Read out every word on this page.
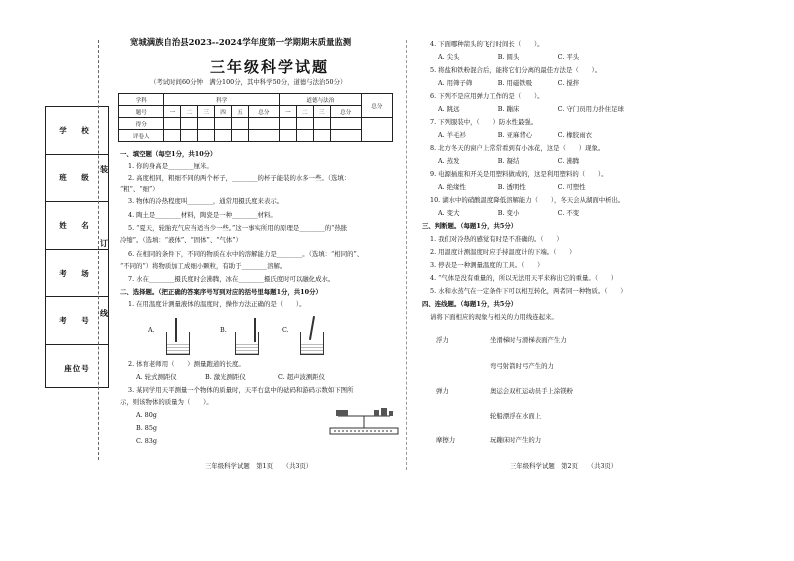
学 校
班 级
姓 名
考 场
考 号
座位号
装
订
线
宽城满族自治县2023--2024学年度第一学期期末质量监测
三年级科学试题
（考试时间60分钟　满分100分，其中科学50分，道德与法治50分）
学科	科学						道德与法治				总分
题号	一	二	三	四	五	总分	一	二	三	总分	
得分											
评卷人											
一、填空题（每空1分，共10分）
1. 你的身高是________厘米。
2. 高度相同，粗细不同的两个杯子，________的杯子能装的水多一些。（选填：
“粗”、“细”）
3. 物体的冷热程度叫________，通常用摄氏度来表示。
4. 陶土是________材料，陶瓷是一种________材料。
5. “夏天，轮胎充气应当适当少一些。”这一事实所用的原理是________的“热胀
冷缩”。（选填：“液体”、“固体”、“气体”）
6. 在相同的条件下，不同的物质在水中的溶解能力是________。（选填：“相同的”、
“不同的”）将物质加工成细小颗粒，有助于________溶解。
7. 水在________摄氏度时会沸腾，冰在________摄氏度时可以融化成水。
二、选择题。（把正确的答案序号写到对应的括号里每题1分，共10分）
1. 在用温度计测量液体的温度时，操作方法正确的是（　　）。
A.	B.	C.
2. 体育老师用（　　）测量跑道的长度。
A. 轮式测距仪	B. 激光测距仪	C. 超声波测距仪
3. 某同学用天平测量一个物体的质量时，天平右盘中的砝码和游码示数如下图所
示，则该物体的质量为（　　）。
A. 80g
B. 85g
C. 83g
三年级科学试题　第1页　　（共3页）
4. 下面哪种箭头的飞行时间长（　　）。
A. 尖头　　　　　　B. 圆头　　　　　　C. 平头
5. 将盐和铁粉混合后，能将它们分离的最佳方法是（　　）。
A. 用筛子筛　　　　B. 用磁铁吸　　　　C. 搅拌
6. 下列不是应用弹力工作的是（　　）。
A. 跳远　　　　　　B. 蹦床　　　　　　C. 守门员用力扑住足球
7. 下列服装中，（　　）防水性最强。
A. 羊毛衫　　　　　B. 亚麻背心　　　　C. 橡胶雨衣
8. 北方冬天的窗户上常常看到有小冰花，这是（　　）现象。
A. 蒸发　　　　　　B. 凝结　　　　　　C. 沸腾
9. 电源插座和开关是用塑料做成的，这是利用塑料的（　　）。
A. 绝缘性　　　　　B. 透明性　　　　　C. 可塑性
10. 湖水中的硝酸温度降低溶解能力（　　），冬天会从湖面中析出。
A. 变大　　　　　　B. 变小　　　　　　C. 不变
三、判断题。（每题1分，共5分）
1. 我们对冷热的感觉有时是不准确的。（　　）
2. 用温度计测温度时应手持温度计的下端。（　　）
3. 停表是一种测量温度的工具。（　　）
4. “气体是没有重量的，所以无法用天平来称出它的重量。（　　）
5. 水和水蒸气在一定条件下可以相互转化，两者同一种物质。（　　）
四、连线题。（每题1分，共5分）
请将下面相应的现象与相关的力用线连起来。
浮力
弹力
摩擦力
坐滑梯时与滑梯表面产生力
弯弓射箭时弓产生的力
奥运会双杠运动员手上涂镁粉
轮船漂浮在水面上
玩蹦床时产生的力
三年级科学试题　第2页　　（共3页）
